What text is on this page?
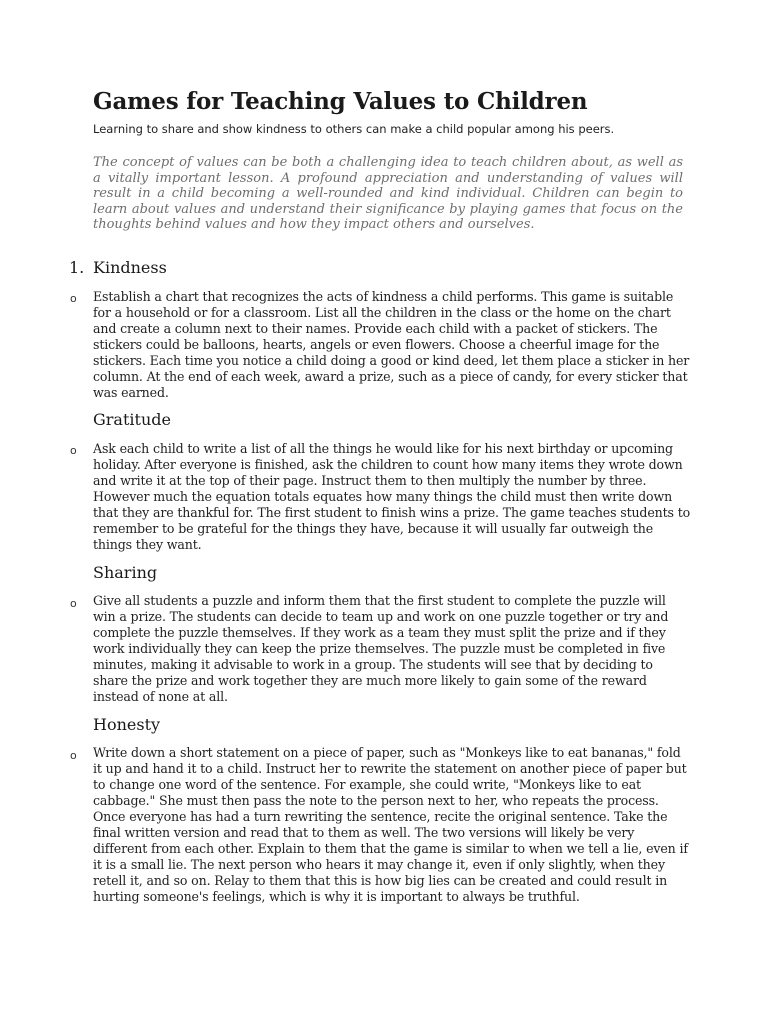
Games for Teaching Values to Children

Learning to share and show kindness to others can make a child popular among his peers.

The concept of values can be both a challenging idea to teach children about, as well as a vitally important lesson. A profound appreciation and understanding of values will result in a child becoming a well-rounded and kind individual. Children can begin to learn about values and understand their significance by playing games that focus on the thoughts behind values and how they impact others and ourselves.

1. Kindness
o Establish a chart that recognizes the acts of kindness a child performs. This game is suitable for a household or for a classroom. List all the children in the class or the home on the chart and create a column next to their names. Provide each child with a packet of stickers. The stickers could be balloons, hearts, angels or even flowers. Choose a cheerful image for the stickers. Each time you notice a child doing a good or kind deed, let them place a sticker in her column. At the end of each week, award a prize, such as a piece of candy, for every sticker that was earned.

Gratitude
o Ask each child to write a list of all the things he would like for his next birthday or upcoming holiday. After everyone is finished, ask the children to count how many items they wrote down and write it at the top of their page. Instruct them to then multiply the number by three. However much the equation totals equates how many things the child must then write down that they are thankful for. The first student to finish wins a prize. The game teaches students to remember to be grateful for the things they have, because it will usually far outweigh the things they want.

Sharing
o Give all students a puzzle and inform them that the first student to complete the puzzle will win a prize. The students can decide to team up and work on one puzzle together or try and complete the puzzle themselves. If they work as a team they must split the prize and if they work individually they can keep the prize themselves. The puzzle must be completed in five minutes, making it advisable to work in a group. The students will see that by deciding to share the prize and work together they are much more likely to gain some of the reward instead of none at all.

Honesty
o Write down a short statement on a piece of paper, such as "Monkeys like to eat bananas," fold it up and hand it to a child. Instruct her to rewrite the statement on another piece of paper but to change one word of the sentence. For example, she could write, "Monkeys like to eat cabbage." She must then pass the note to the person next to her, who repeats the process. Once everyone has had a turn rewriting the sentence, recite the original sentence. Take the final written version and read that to them as well. The two versions will likely be very different from each other. Explain to them that the game is similar to when we tell a lie, even if it is a small lie. The next person who hears it may change it, even if only slightly, when they retell it, and so on. Relay to them that this is how big lies can be created and could result in hurting someone's feelings, which is why it is important to always be truthful.
